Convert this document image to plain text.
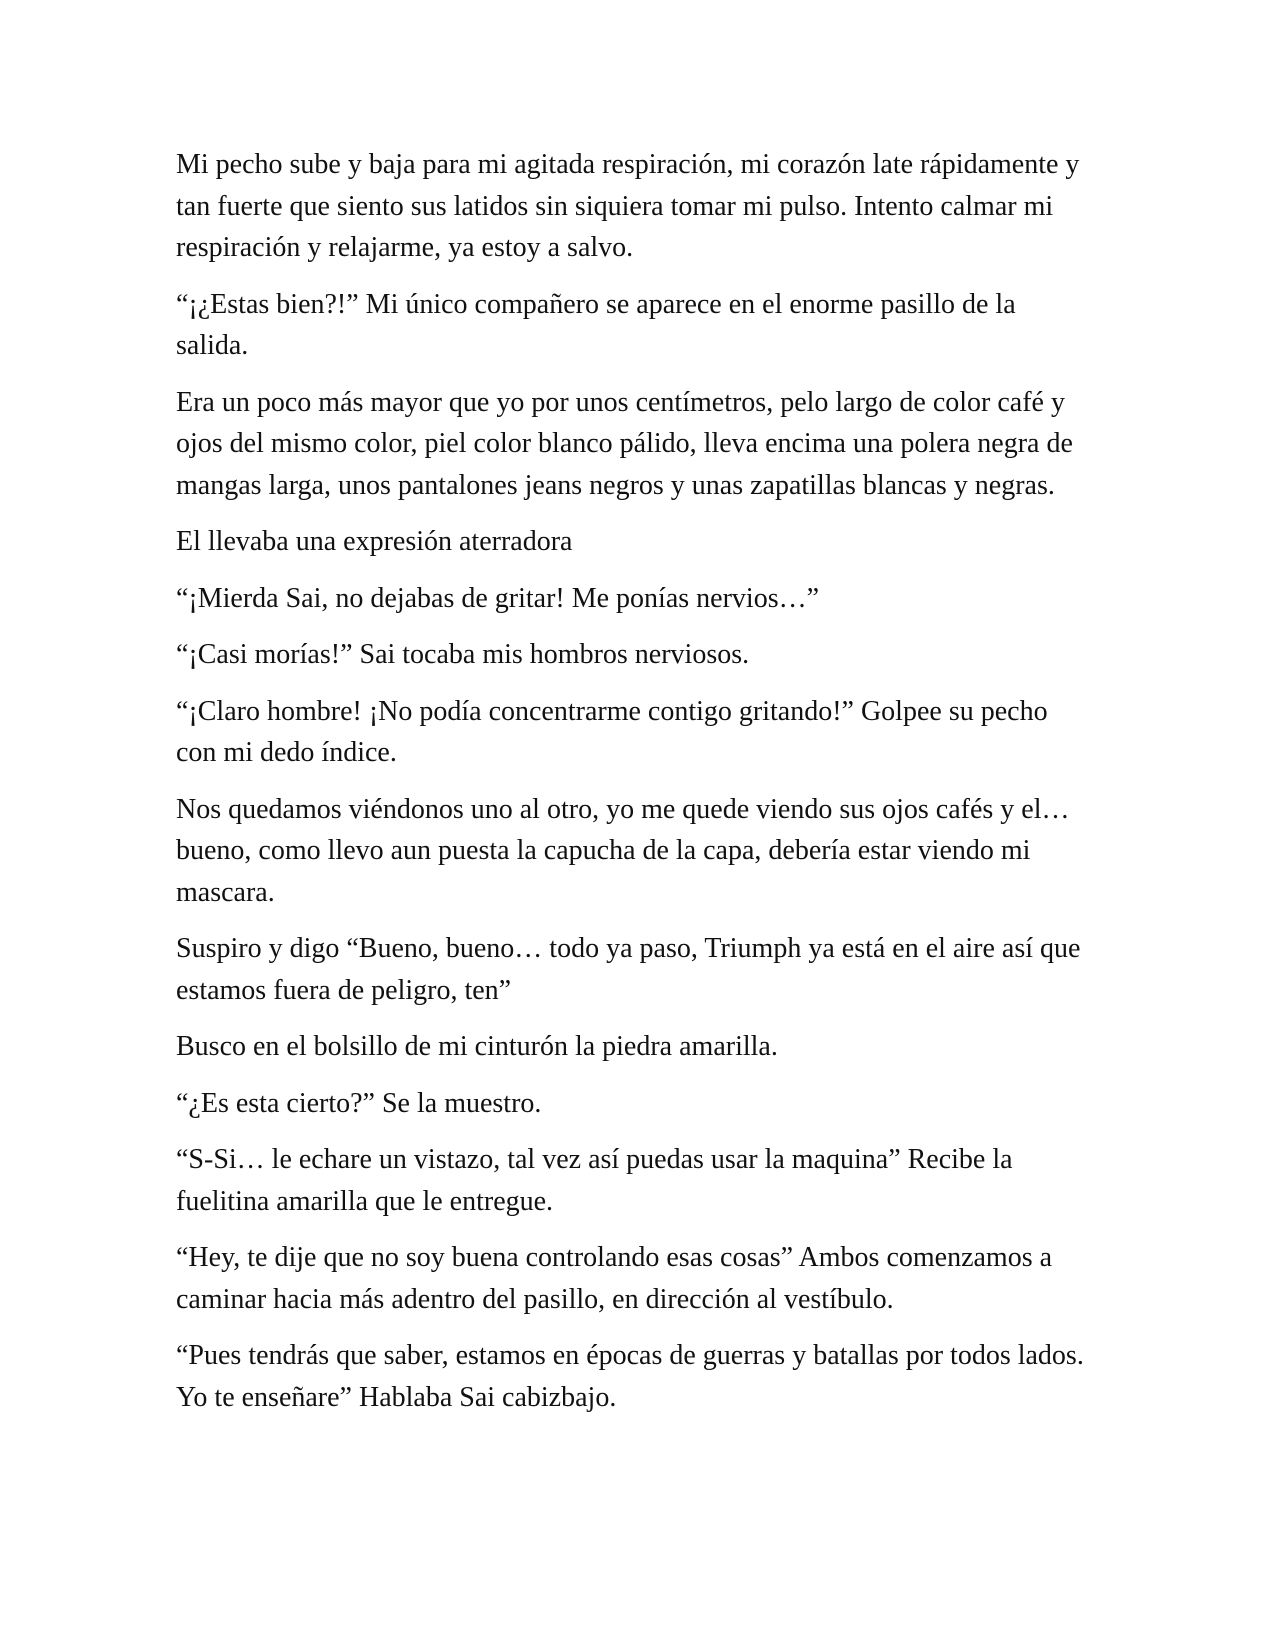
Mi pecho sube y baja para mi agitada respiración, mi corazón late rápidamente y tan fuerte que siento sus latidos sin siquiera tomar mi pulso. Intento calmar mi respiración y relajarme, ya estoy a salvo.

“¡¿Estas bien?!” Mi único compañero se aparece en el enorme pasillo de la salida.

Era un poco más mayor que yo por unos centímetros, pelo largo de color café y ojos del mismo color, piel color blanco pálido, lleva encima una polera negra de mangas larga, unos pantalones jeans negros y unas zapatillas blancas y negras.

El llevaba una expresión aterradora

“¡Mierda Sai, no dejabas de gritar! Me ponías nervios…”

“¡Casi morías!” Sai tocaba mis hombros nerviosos.

“¡Claro hombre! ¡No podía concentrarme contigo gritando!” Golpee su pecho con mi dedo índice.

Nos quedamos viéndonos uno al otro, yo me quede viendo sus ojos cafés y el… bueno, como llevo aun puesta la capucha de la capa, debería estar viendo mi mascara.

Suspiro y digo “Bueno, bueno… todo ya paso, Triumph ya está en el aire así que estamos fuera de peligro, ten”

Busco en el bolsillo de mi cinturón la piedra amarilla.

“¿Es esta cierto?” Se la muestro.

“S-Si… le echare un vistazo, tal vez así puedas usar la maquina” Recibe la fuelitina amarilla que le entregue.

“Hey, te dije que no soy buena controlando esas cosas” Ambos comenzamos a caminar hacia más adentro del pasillo, en dirección al vestíbulo.

“Pues tendrás que saber, estamos en épocas de guerras y batallas por todos lados. Yo te enseñare” Hablaba Sai cabizbajo.
